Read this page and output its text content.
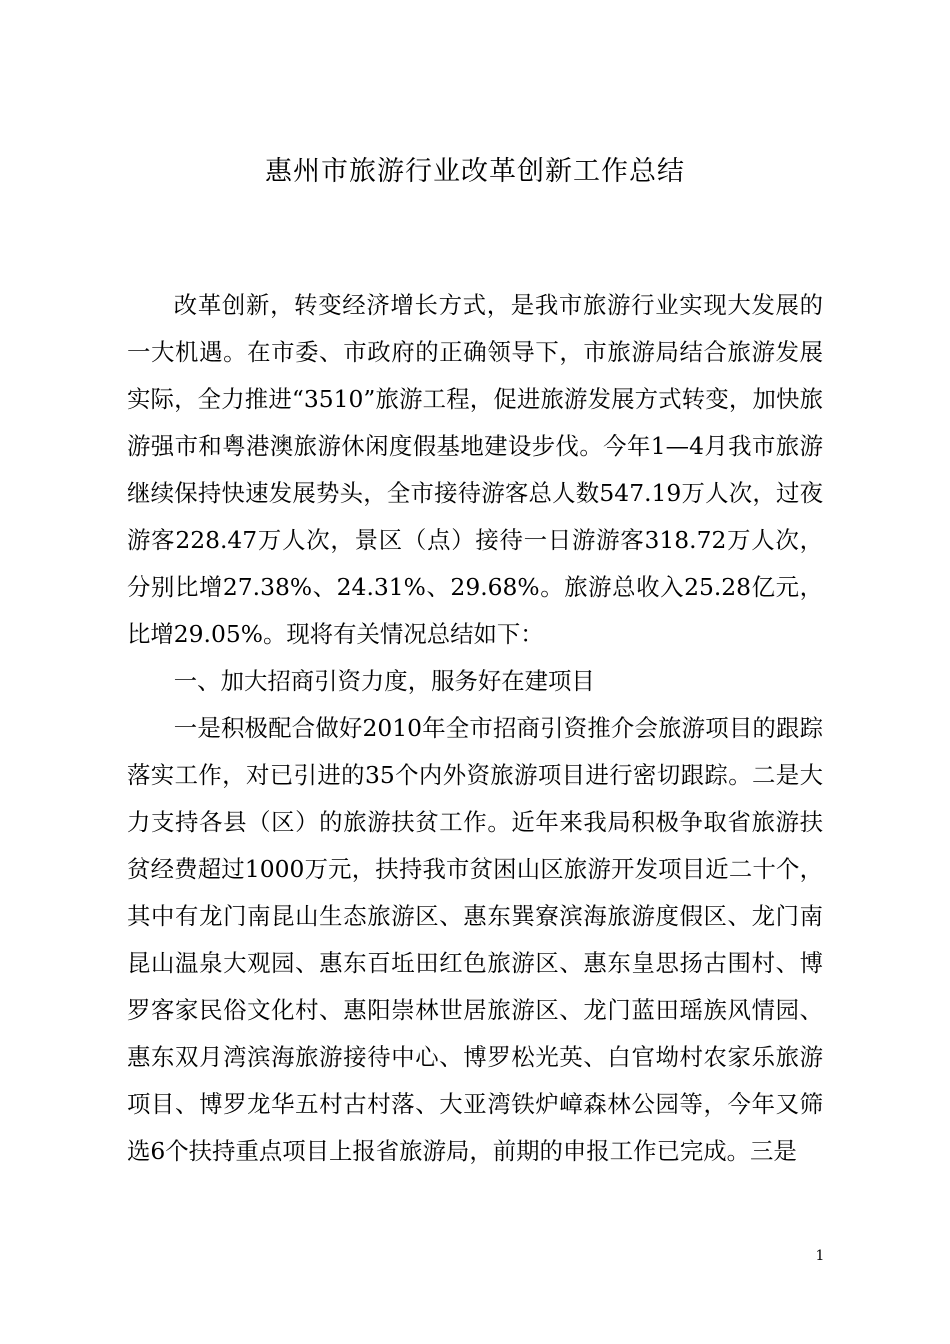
惠州市旅游行业改革创新工作总结

改革创新，转变经济增长方式，是我市旅游行业实现大发展的一大机遇。在市委、市政府的正确领导下，市旅游局结合旅游发展实际，全力推进“3510”旅游工程，促进旅游发展方式转变，加快旅游强市和粤港澳旅游休闲度假基地建设步伐。今年1—4月我市旅游继续保持快速发展势头，全市接待游客总人数547.19万人次，过夜游客228.47万人次，景区（点）接待一日游游客318.72万人次，分别比增27.38%、24.31%、29.68%。旅游总收入25.28亿元，比增29.05%。现将有关情况总结如下：

一、加大招商引资力度，服务好在建项目

一是积极配合做好2010年全市招商引资推介会旅游项目的跟踪落实工作，对已引进的35个内外资旅游项目进行密切跟踪。二是大力支持各县（区）的旅游扶贫工作。近年来我局积极争取省旅游扶贫经费超过1000万元，扶持我市贫困山区旅游开发项目近二十个，其中有龙门南昆山生态旅游区、惠东巽寮滨海旅游度假区、龙门南昆山温泉大观园、惠东百坵田红色旅游区、惠东皇思扬古围村、博罗客家民俗文化村、惠阳崇林世居旅游区、龙门蓝田瑶族风情园、惠东双月湾滨海旅游接待中心、博罗松光英、白官坳村农家乐旅游项目、博罗龙华五村古村落、大亚湾铁炉嶂森林公园等，今年又筛选6个扶持重点项目上报省旅游局，前期的申报工作已完成。三是

1
